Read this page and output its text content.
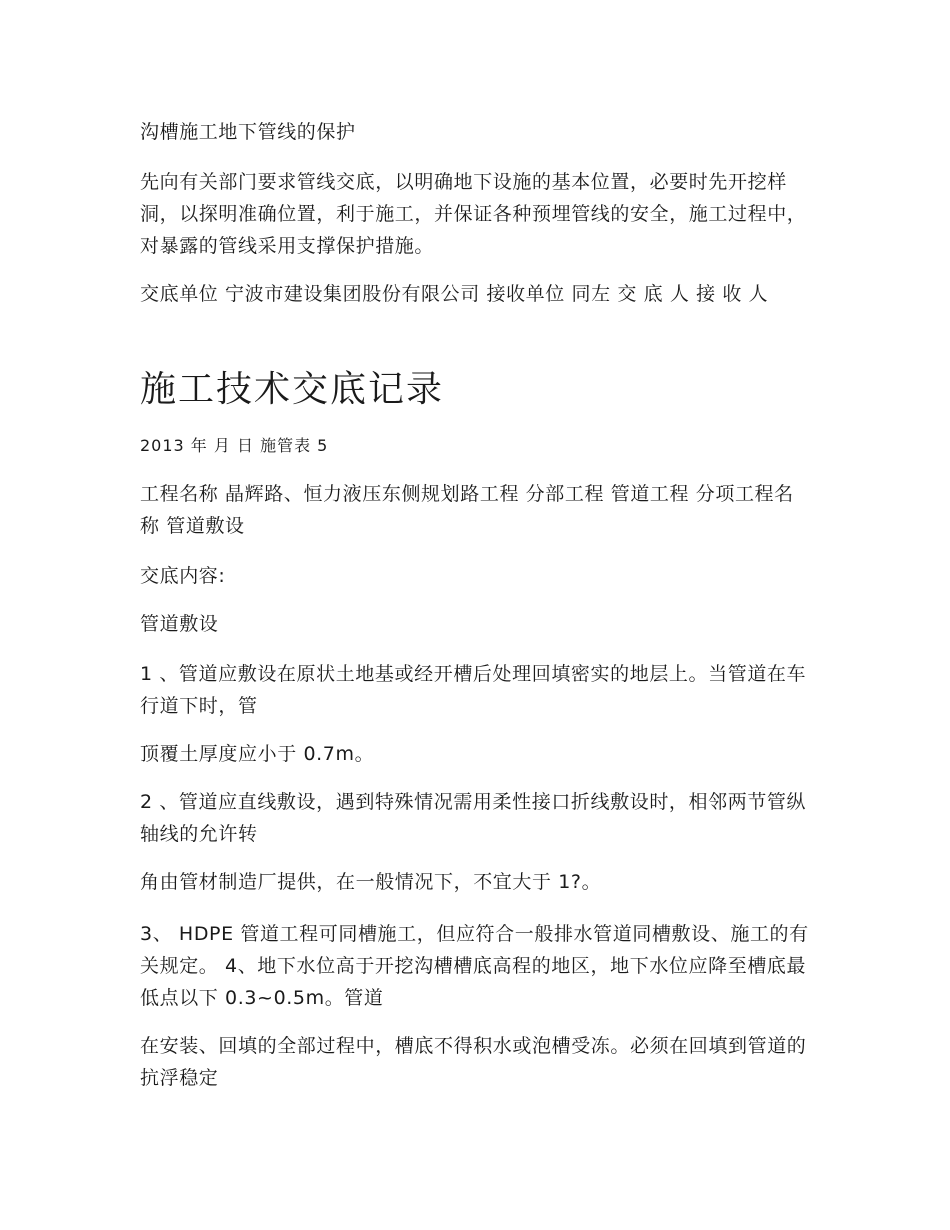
沟槽施工地下管线的保护

先向有关部门要求管线交底，以明确地下设施的基本位置，必要时先开挖样洞，以探明准确位置，利于施工，并保证各种预埋管线的安全，施工过程中，对暴露的管线采用支撑保护措施。

交底单位 宁波市建设集团股份有限公司 接收单位 同左 交 底 人 接 收 人

施工技术交底记录

2013 年 月 日 施管表 5

工程名称 晶辉路、恒力液压东侧规划路工程 分部工程 管道工程 分项工程名称 管道敷设

交底内容:

管道敷设

1 、管道应敷设在原状土地基或经开槽后处理回填密实的地层上。当管道在车行道下时，管

顶覆土厚度应小于 0.7m。

2 、管道应直线敷设，遇到特殊情况需用柔性接口折线敷设时，相邻两节管纵轴线的允许转

角由管材制造厂提供，在一般情况下，不宜大于 1?。

3、 HDPE 管道工程可同槽施工，但应符合一般排水管道同槽敷设、施工的有关规定。 4、地下水位高于开挖沟槽槽底高程的地区，地下水位应降至槽底最低点以下 0.3~0.5m。管道

在安装、回填的全部过程中，槽底不得积水或泡槽受冻。必须在回填到管道的抗浮稳定
